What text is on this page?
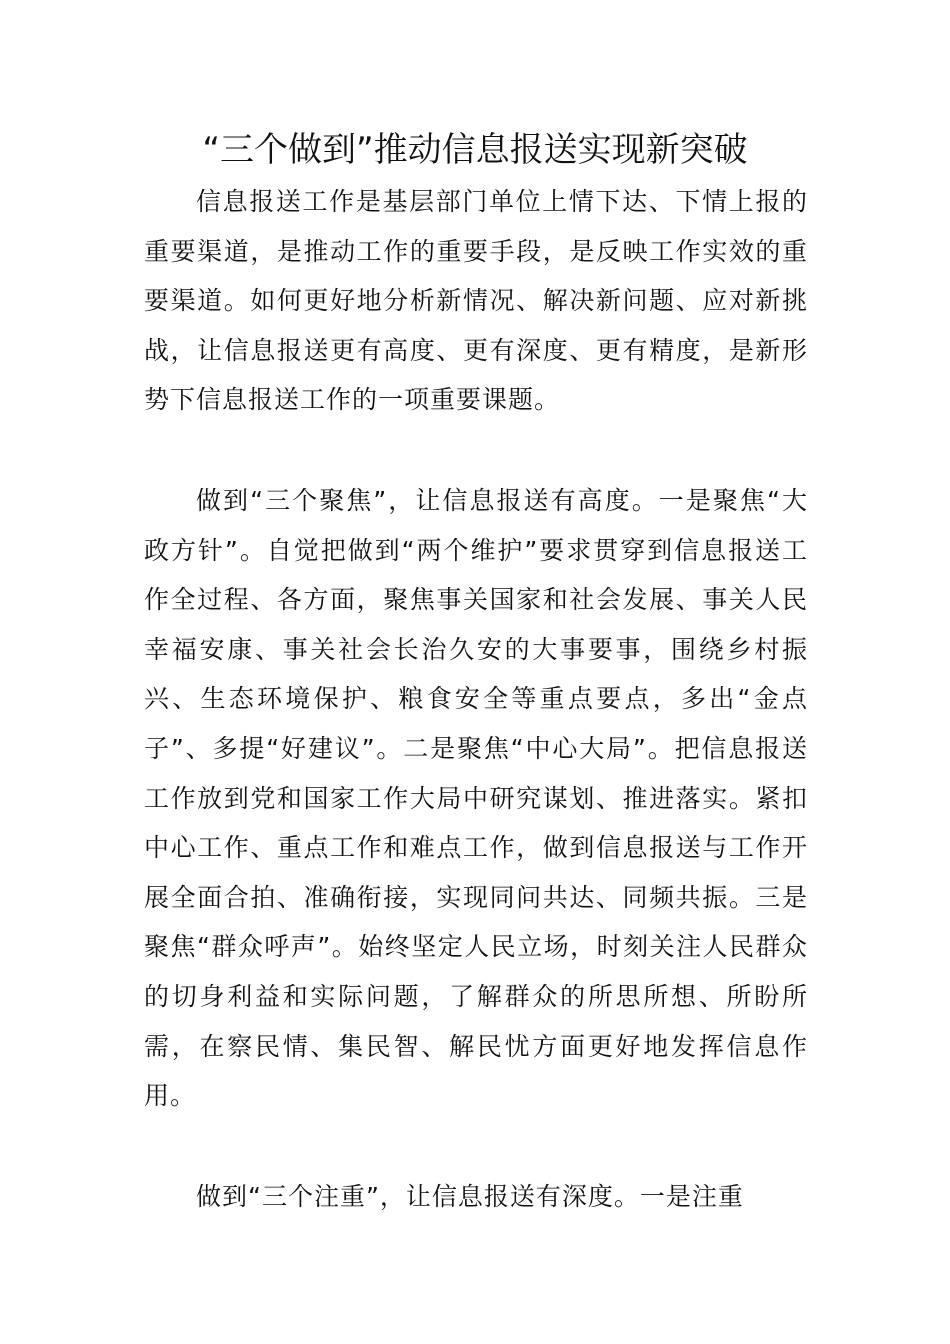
“三个做到”推动信息报送实现新突破

信息报送工作是基层部门单位上情下达、下情上报的重要渠道，是推动工作的重要手段，是反映工作实效的重要渠道。如何更好地分析新情况、解决新问题、应对新挑战，让信息报送更有高度、更有深度、更有精度，是新形势下信息报送工作的一项重要课题。

做到“三个聚焦”，让信息报送有高度。一是聚焦“大政方针”。自觉把做到“两个维护”要求贯穿到信息报送工作全过程、各方面，聚焦事关国家和社会发展、事关人民幸福安康、事关社会长治久安的大事要事，围绕乡村振兴、生态环境保护、粮食安全等重点要点，多出“金点子”、多提“好建议”。二是聚焦“中心大局”。把信息报送工作放到党和国家工作大局中研究谋划、推进落实。紧扣中心工作、重点工作和难点工作，做到信息报送与工作开展全面合拍、准确衔接，实现同问共达、同频共振。三是聚焦“群众呼声”。始终坚定人民立场，时刻关注人民群众的切身利益和实际问题，了解群众的所思所想、所盼所需，在察民情、集民智、解民忧方面更好地发挥信息作用。

做到“三个注重”，让信息报送有深度。一是注重
